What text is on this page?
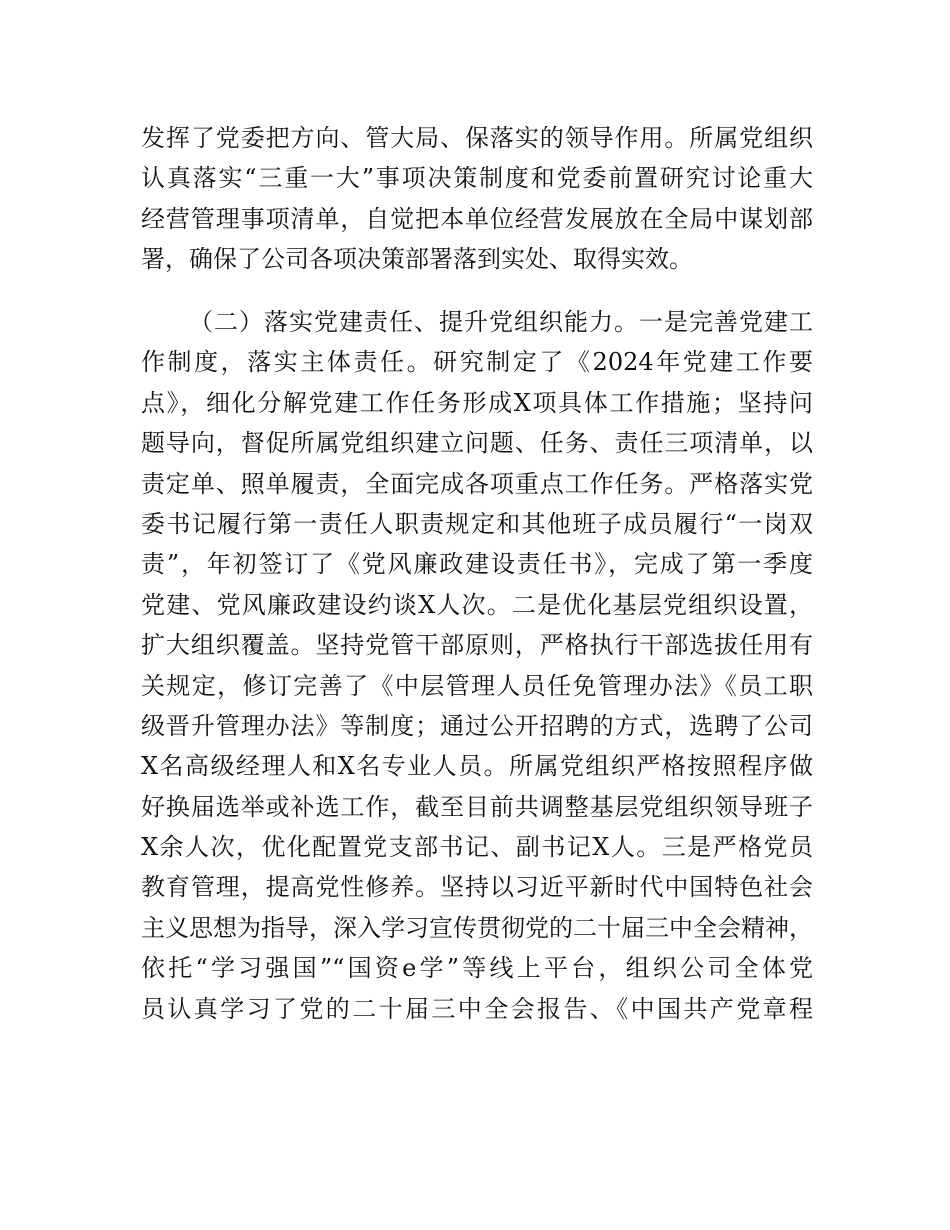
发挥了党委把方向、管大局、保落实的领导作用。所属党组织
认真落实“三重一大”事项决策制度和党委前置研究讨论重大
经营管理事项清单，自觉把本单位经营发展放在全局中谋划部
署，确保了公司各项决策部署落到实处、取得实效。
（二）落实党建责任、提升党组织能力。一是完善党建工
作制度，落实主体责任。研究制定了《2024年党建工作要
点》，细化分解党建工作任务形成X项具体工作措施；坚持问
题导向，督促所属党组织建立问题、任务、责任三项清单，以
责定单、照单履责，全面完成各项重点工作任务。严格落实党
委书记履行第一责任人职责规定和其他班子成员履行“一岗双
责”，年初签订了《党风廉政建设责任书》，完成了第一季度
党建、党风廉政建设约谈X人次。二是优化基层党组织设置，
扩大组织覆盖。坚持党管干部原则，严格执行干部选拔任用有
关规定，修订完善了《中层管理人员任免管理办法》《员工职
级晋升管理办法》等制度；通过公开招聘的方式，选聘了公司
X名高级经理人和X名专业人员。所属党组织严格按照程序做
好换届选举或补选工作，截至目前共调整基层党组织领导班子
X余人次，优化配置党支部书记、副书记X人。三是严格党员
教育管理，提高党性修养。坚持以习近平新时代中国特色社会
主义思想为指导，深入学习宣传贯彻党的二十届三中全会精神，
依托“学习强国”“国资e学”等线上平台，组织公司全体党
员认真学习了党的二十届三中全会报告、《中国共产党章程
